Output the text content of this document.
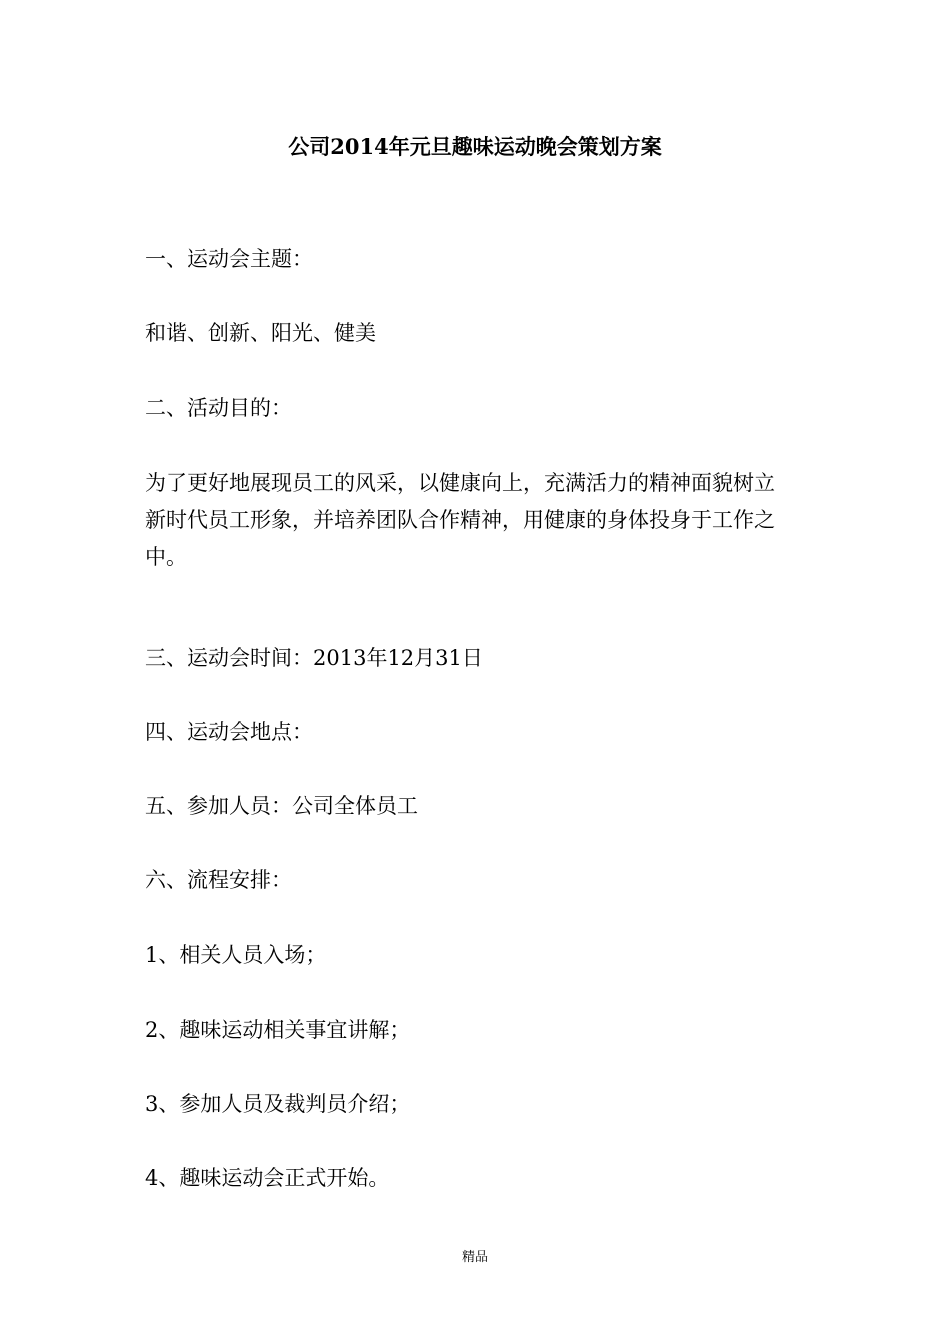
公司2014年元旦趣味运动晚会策划方案
一、运动会主题：
和谐、创新、阳光、健美
二、活动目的：
为了更好地展现员工的风采，以健康向上，充满活力的精神面貌树立
新时代员工形象，并培养团队合作精神，用健康的身体投身于工作之
中。
三、运动会时间：2013年12月31日
四、运动会地点：
五、参加人员：公司全体员工
六、流程安排：
1、相关人员入场；
2、趣味运动相关事宜讲解；
3、参加人员及裁判员介绍；
4、趣味运动会正式开始。
精品
